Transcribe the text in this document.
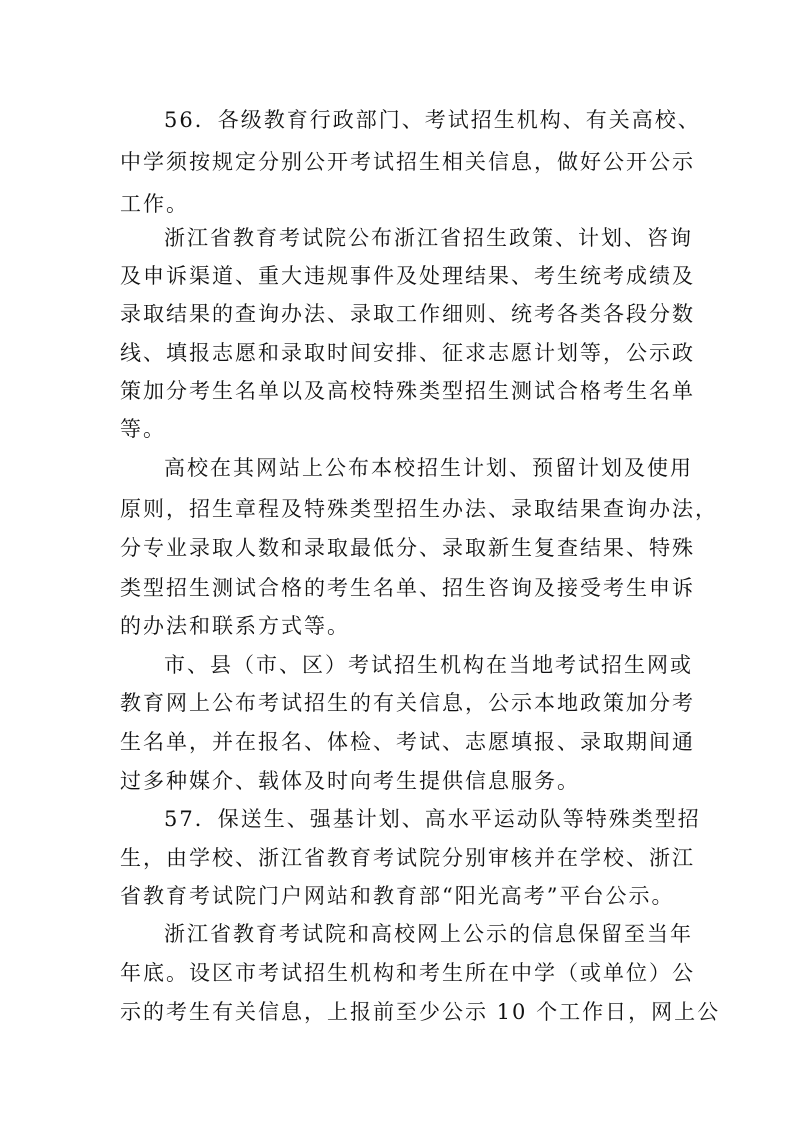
56．各级教育行政部门、考试招生机构、有关高校、
中学须按规定分别公开考试招生相关信息，做好公开公示
工作。
浙江省教育考试院公布浙江省招生政策、计划、咨询
及申诉渠道、重大违规事件及处理结果、考生统考成绩及
录取结果的查询办法、录取工作细则、统考各类各段分数
线、填报志愿和录取时间安排、征求志愿计划等，公示政
策加分考生名单以及高校特殊类型招生测试合格考生名单
等。
高校在其网站上公布本校招生计划、预留计划及使用
原则，招生章程及特殊类型招生办法、录取结果查询办法，
分专业录取人数和录取最低分、录取新生复查结果、特殊
类型招生测试合格的考生名单、招生咨询及接受考生申诉
的办法和联系方式等。
市、县（市、区）考试招生机构在当地考试招生网或
教育网上公布考试招生的有关信息，公示本地政策加分考
生名单，并在报名、体检、考试、志愿填报、录取期间通
过多种媒介、载体及时向考生提供信息服务。
57．保送生、强基计划、高水平运动队等特殊类型招
生，由学校、浙江省教育考试院分别审核并在学校、浙江
省教育考试院门户网站和教育部“阳光高考”平台公示。
浙江省教育考试院和高校网上公示的信息保留至当年
年底。设区市考试招生机构和考生所在中学（或单位）公
示的考生有关信息，上报前至少公示 10 个工作日，网上公
